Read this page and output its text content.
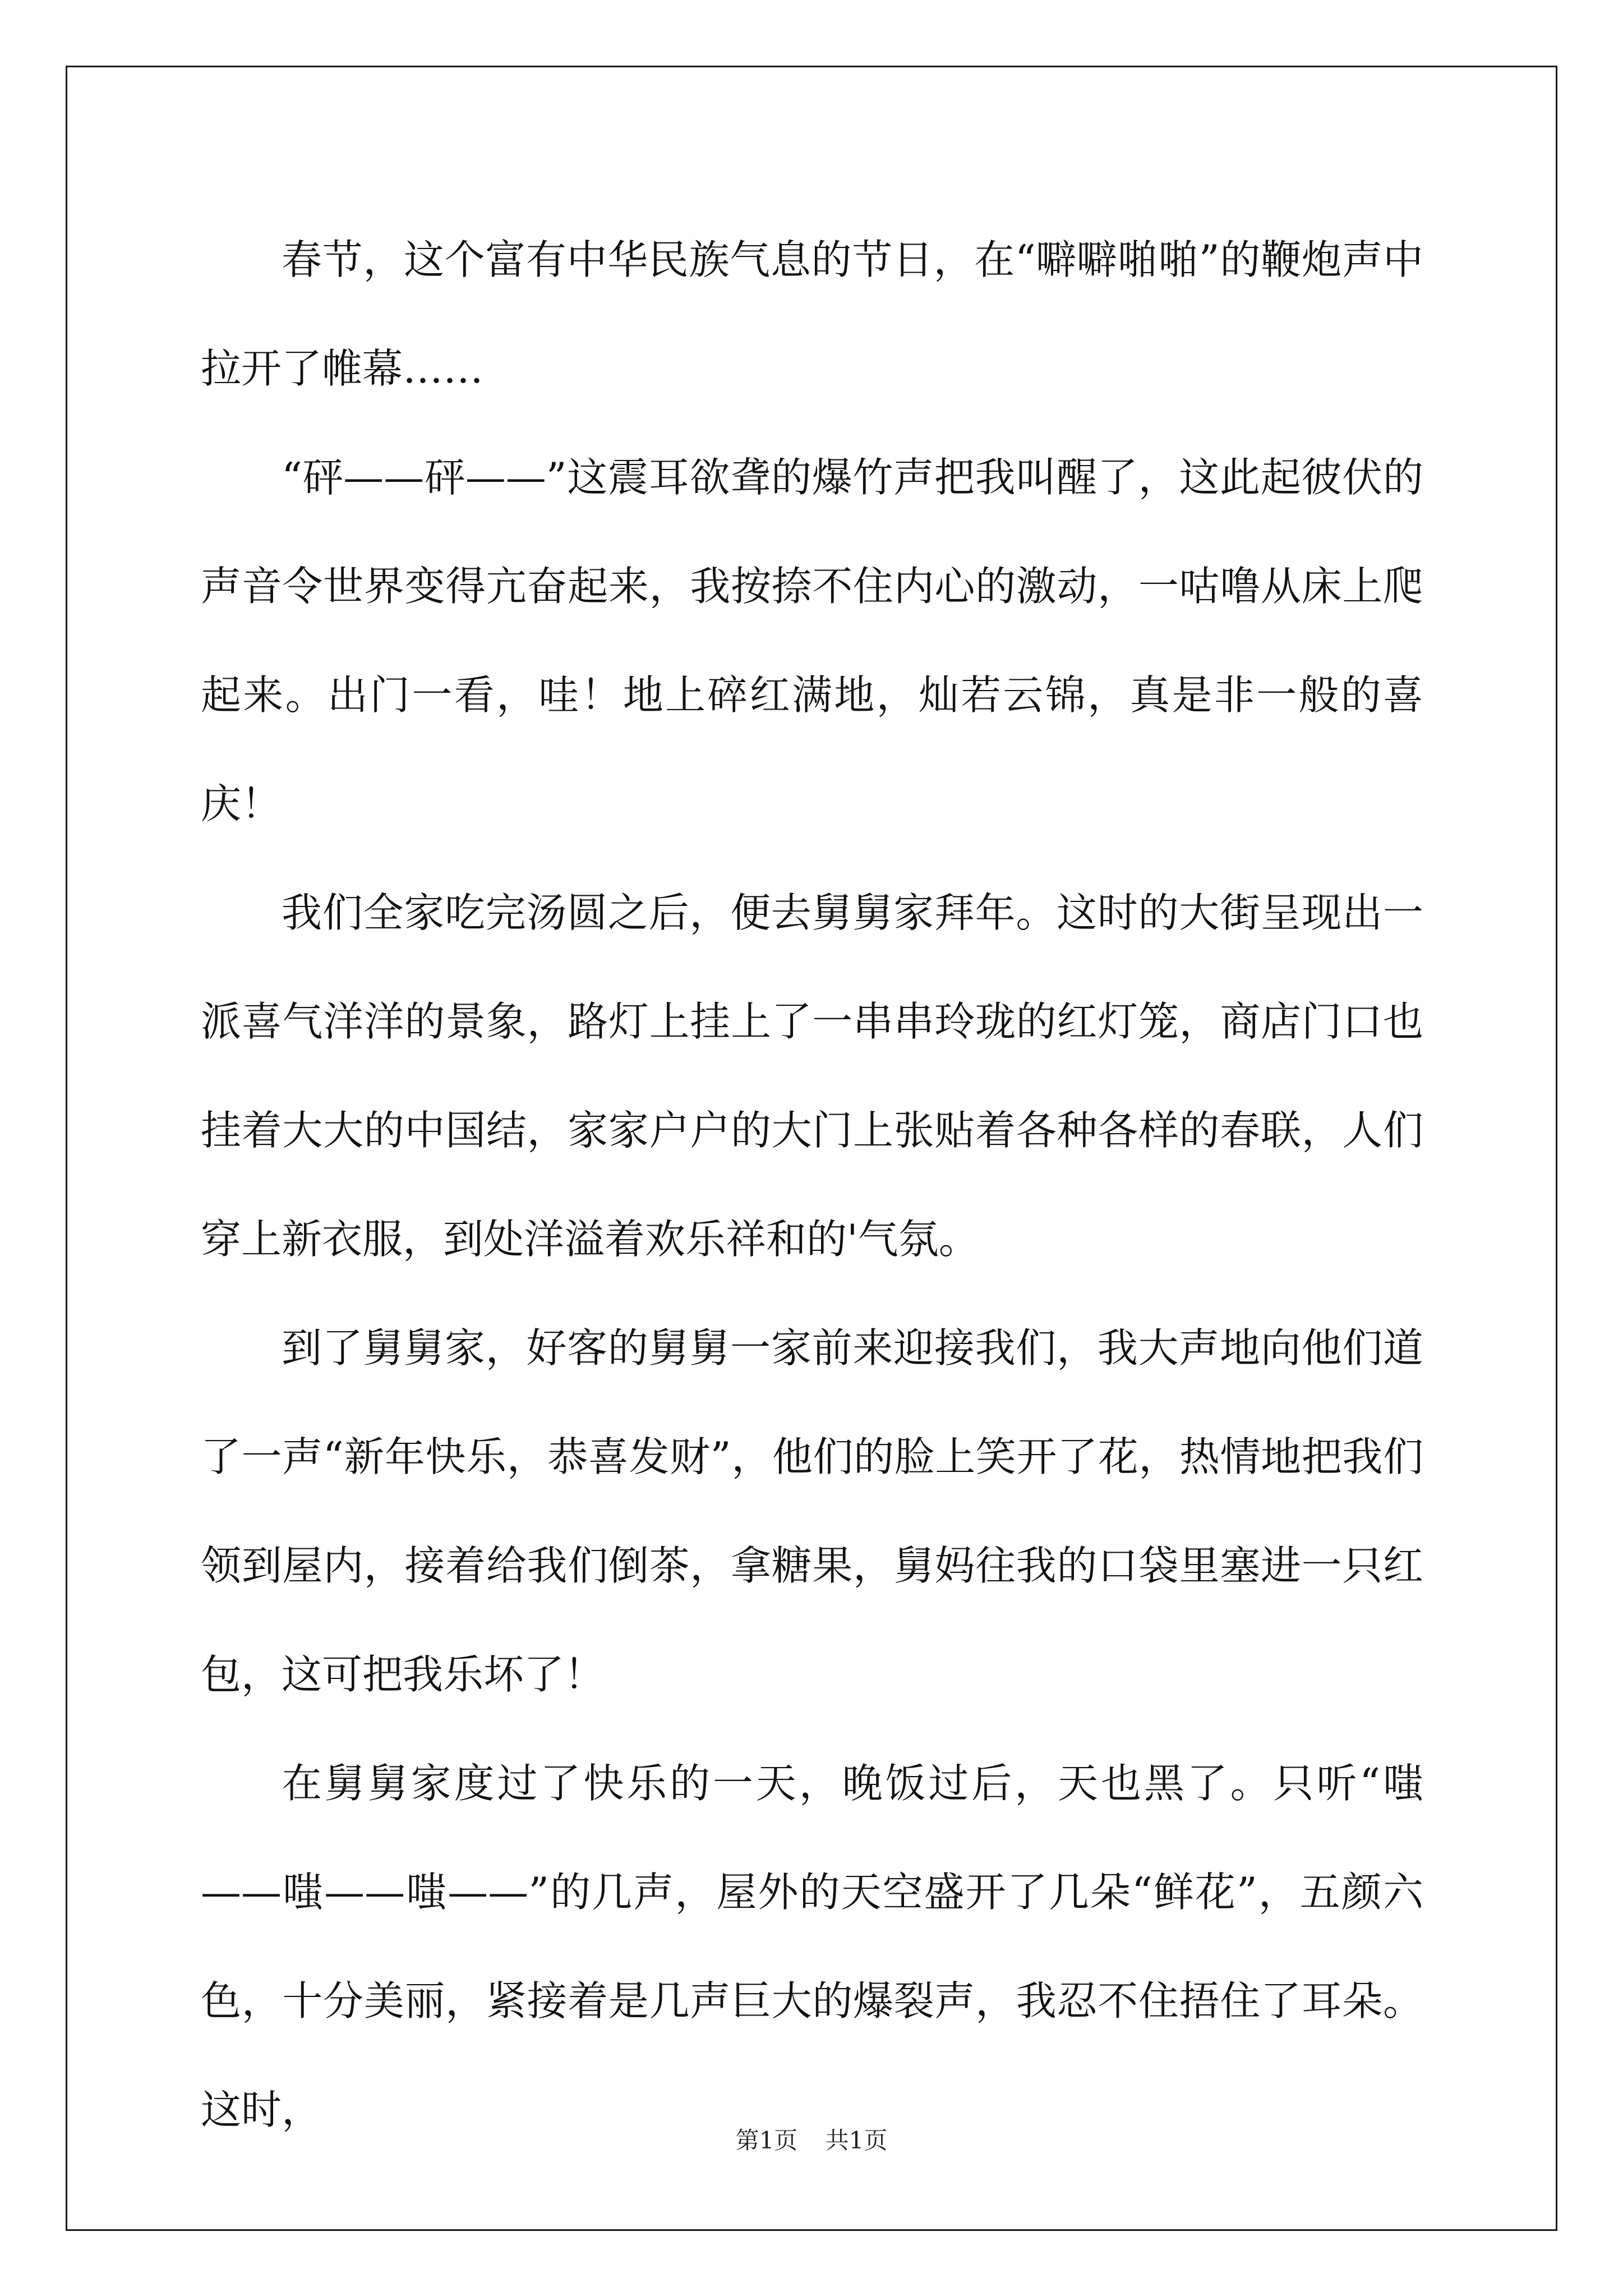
春节，这个富有中华民族气息的节日，在“噼噼啪啪”的鞭炮声中拉开了帷幕……

“砰——砰——”这震耳欲聋的爆竹声把我叫醒了，这此起彼伏的声音令世界变得亢奋起来，我按捺不住内心的激动，一咕噜从床上爬起来。出门一看，哇！地上碎红满地，灿若云锦，真是非一般的喜庆！

我们全家吃完汤圆之后，便去舅舅家拜年。这时的大街呈现出一派喜气洋洋的景象，路灯上挂上了一串串玲珑的红灯笼，商店门口也挂着大大的中国结，家家户户的大门上张贴着各种各样的春联，人们穿上新衣服，到处洋溢着欢乐祥和的'气氛。

到了舅舅家，好客的舅舅一家前来迎接我们，我大声地向他们道了一声“新年快乐，恭喜发财”，他们的脸上笑开了花，热情地把我们领到屋内，接着给我们倒茶，拿糖果，舅妈往我的口袋里塞进一只红包，这可把我乐坏了！

在舅舅家度过了快乐的一天，晚饭过后，天也黑了。只听“嗤——嗤——嗤——”的几声，屋外的天空盛开了几朵“鲜花”，五颜六色，十分美丽，紧接着是几声巨大的爆裂声，我忍不住捂住了耳朵。这时，

第1页 共1页
